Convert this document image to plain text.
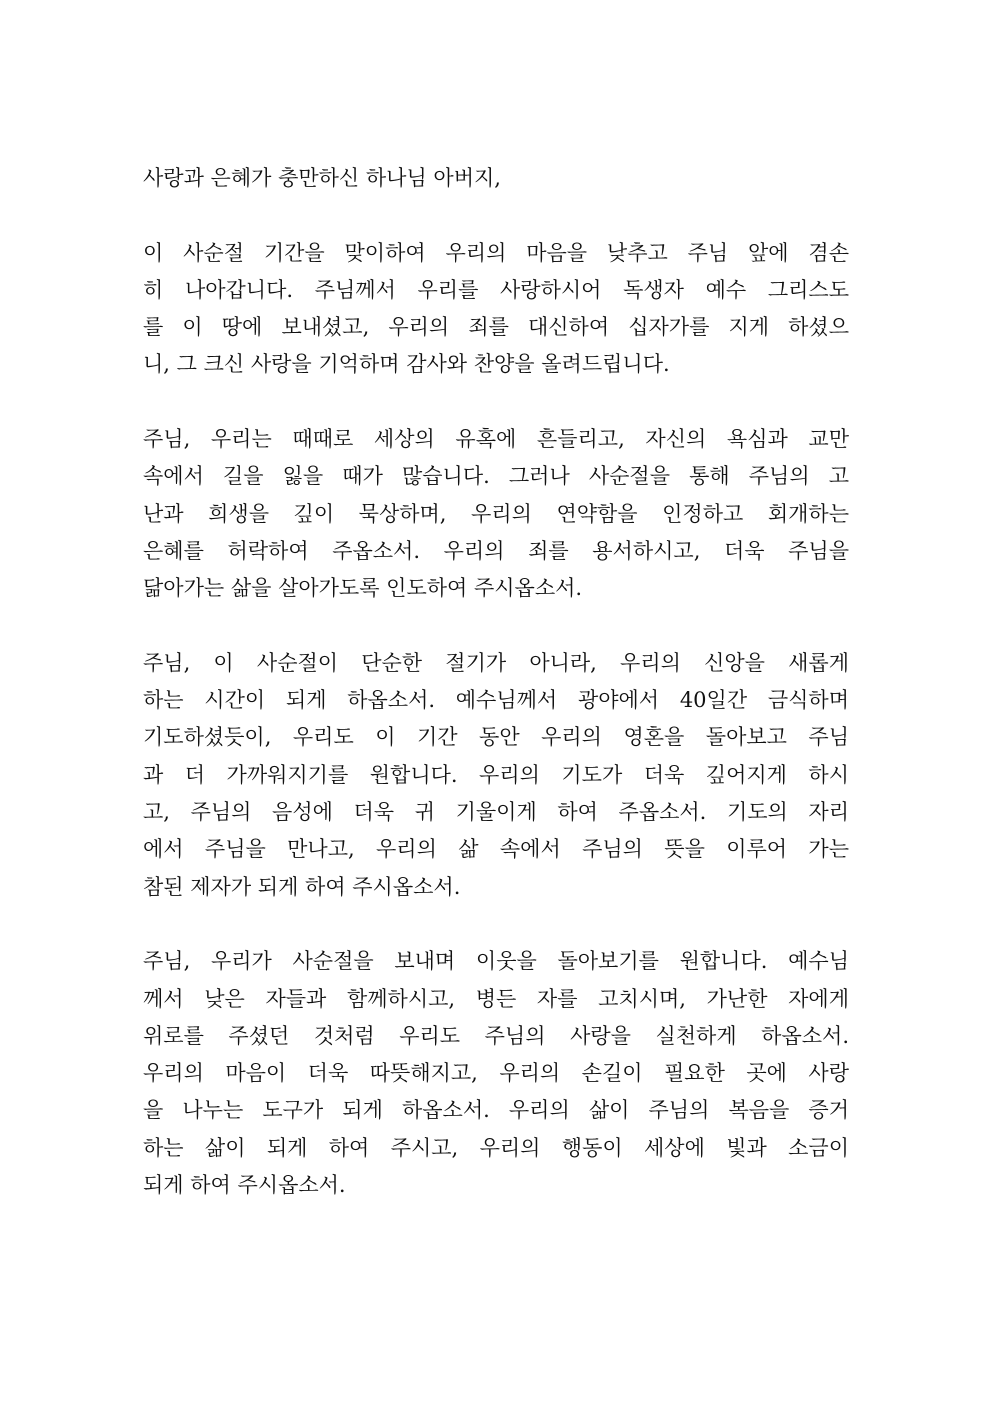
사랑과 은혜가 충만하신 하나님 아버지,
이 사순절 기간을 맞이하여 우리의 마음을 낮추고 주님 앞에 겸손
히 나아갑니다. 주님께서 우리를 사랑하시어 독생자 예수 그리스도
를 이 땅에 보내셨고, 우리의 죄를 대신하여 십자가를 지게 하셨으
니, 그 크신 사랑을 기억하며 감사와 찬양을 올려드립니다.
주님, 우리는 때때로 세상의 유혹에 흔들리고, 자신의 욕심과 교만
속에서 길을 잃을 때가 많습니다. 그러나 사순절을 통해 주님의 고
난과 희생을 깊이 묵상하며, 우리의 연약함을 인정하고 회개하는
은혜를 허락하여 주옵소서. 우리의 죄를 용서하시고, 더욱 주님을
닮아가는 삶을 살아가도록 인도하여 주시옵소서.
주님, 이 사순절이 단순한 절기가 아니라, 우리의 신앙을 새롭게
하는 시간이 되게 하옵소서. 예수님께서 광야에서 40일간 금식하며
기도하셨듯이, 우리도 이 기간 동안 우리의 영혼을 돌아보고 주님
과 더 가까워지기를 원합니다. 우리의 기도가 더욱 깊어지게 하시
고, 주님의 음성에 더욱 귀 기울이게 하여 주옵소서. 기도의 자리
에서 주님을 만나고, 우리의 삶 속에서 주님의 뜻을 이루어 가는
참된 제자가 되게 하여 주시옵소서.
주님, 우리가 사순절을 보내며 이웃을 돌아보기를 원합니다. 예수님
께서 낮은 자들과 함께하시고, 병든 자를 고치시며, 가난한 자에게
위로를 주셨던 것처럼 우리도 주님의 사랑을 실천하게 하옵소서.
우리의 마음이 더욱 따뜻해지고, 우리의 손길이 필요한 곳에 사랑
을 나누는 도구가 되게 하옵소서. 우리의 삶이 주님의 복음을 증거
하는 삶이 되게 하여 주시고, 우리의 행동이 세상에 빛과 소금이
되게 하여 주시옵소서.
